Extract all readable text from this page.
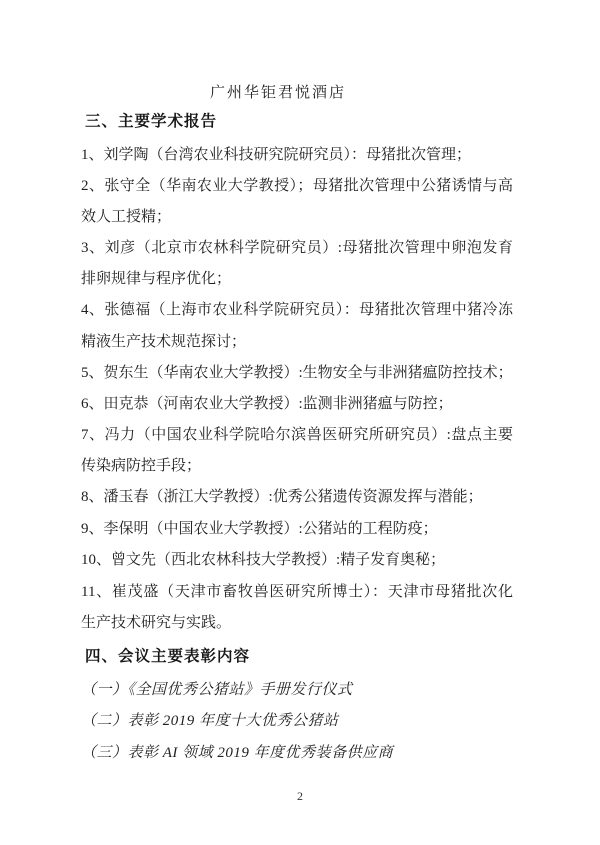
广州华钜君悦酒店

三、主要学术报告

1、刘学陶（台湾农业科技研究院研究员）：母猪批次管理；

2、张守全（华南农业大学教授）；母猪批次管理中公猪诱情与高

效人工授精；

3、刘彦（北京市农林科学院研究员）:母猪批次管理中卵泡发育

排卵规律与程序优化；

4、张德福（上海市农业科学院研究员）：母猪批次管理中猪冷冻

精液生产技术规范探讨；

5、贺东生（华南农业大学教授）:生物安全与非洲猪瘟防控技术；

6、田克恭（河南农业大学教授）:监测非洲猪瘟与防控；

7、冯力（中国农业科学院哈尔滨兽医研究所研究员）:盘点主要

传染病防控手段；

8、潘玉春（浙江大学教授）:优秀公猪遗传资源发挥与潜能；

9、李保明（中国农业大学教授）:公猪站的工程防疫；

10、曾文先（西北农林科技大学教授）:精子发育奥秘；

11、崔茂盛（天津市畜牧兽医研究所博士）：天津市母猪批次化

生产技术研究与实践。

四、会议主要表彰内容

（一）《全国优秀公猪站》手册发行仪式

（二）表彰 2019 年度十大优秀公猪站

（三）表彰 AI 领域 2019 年度优秀装备供应商

2
